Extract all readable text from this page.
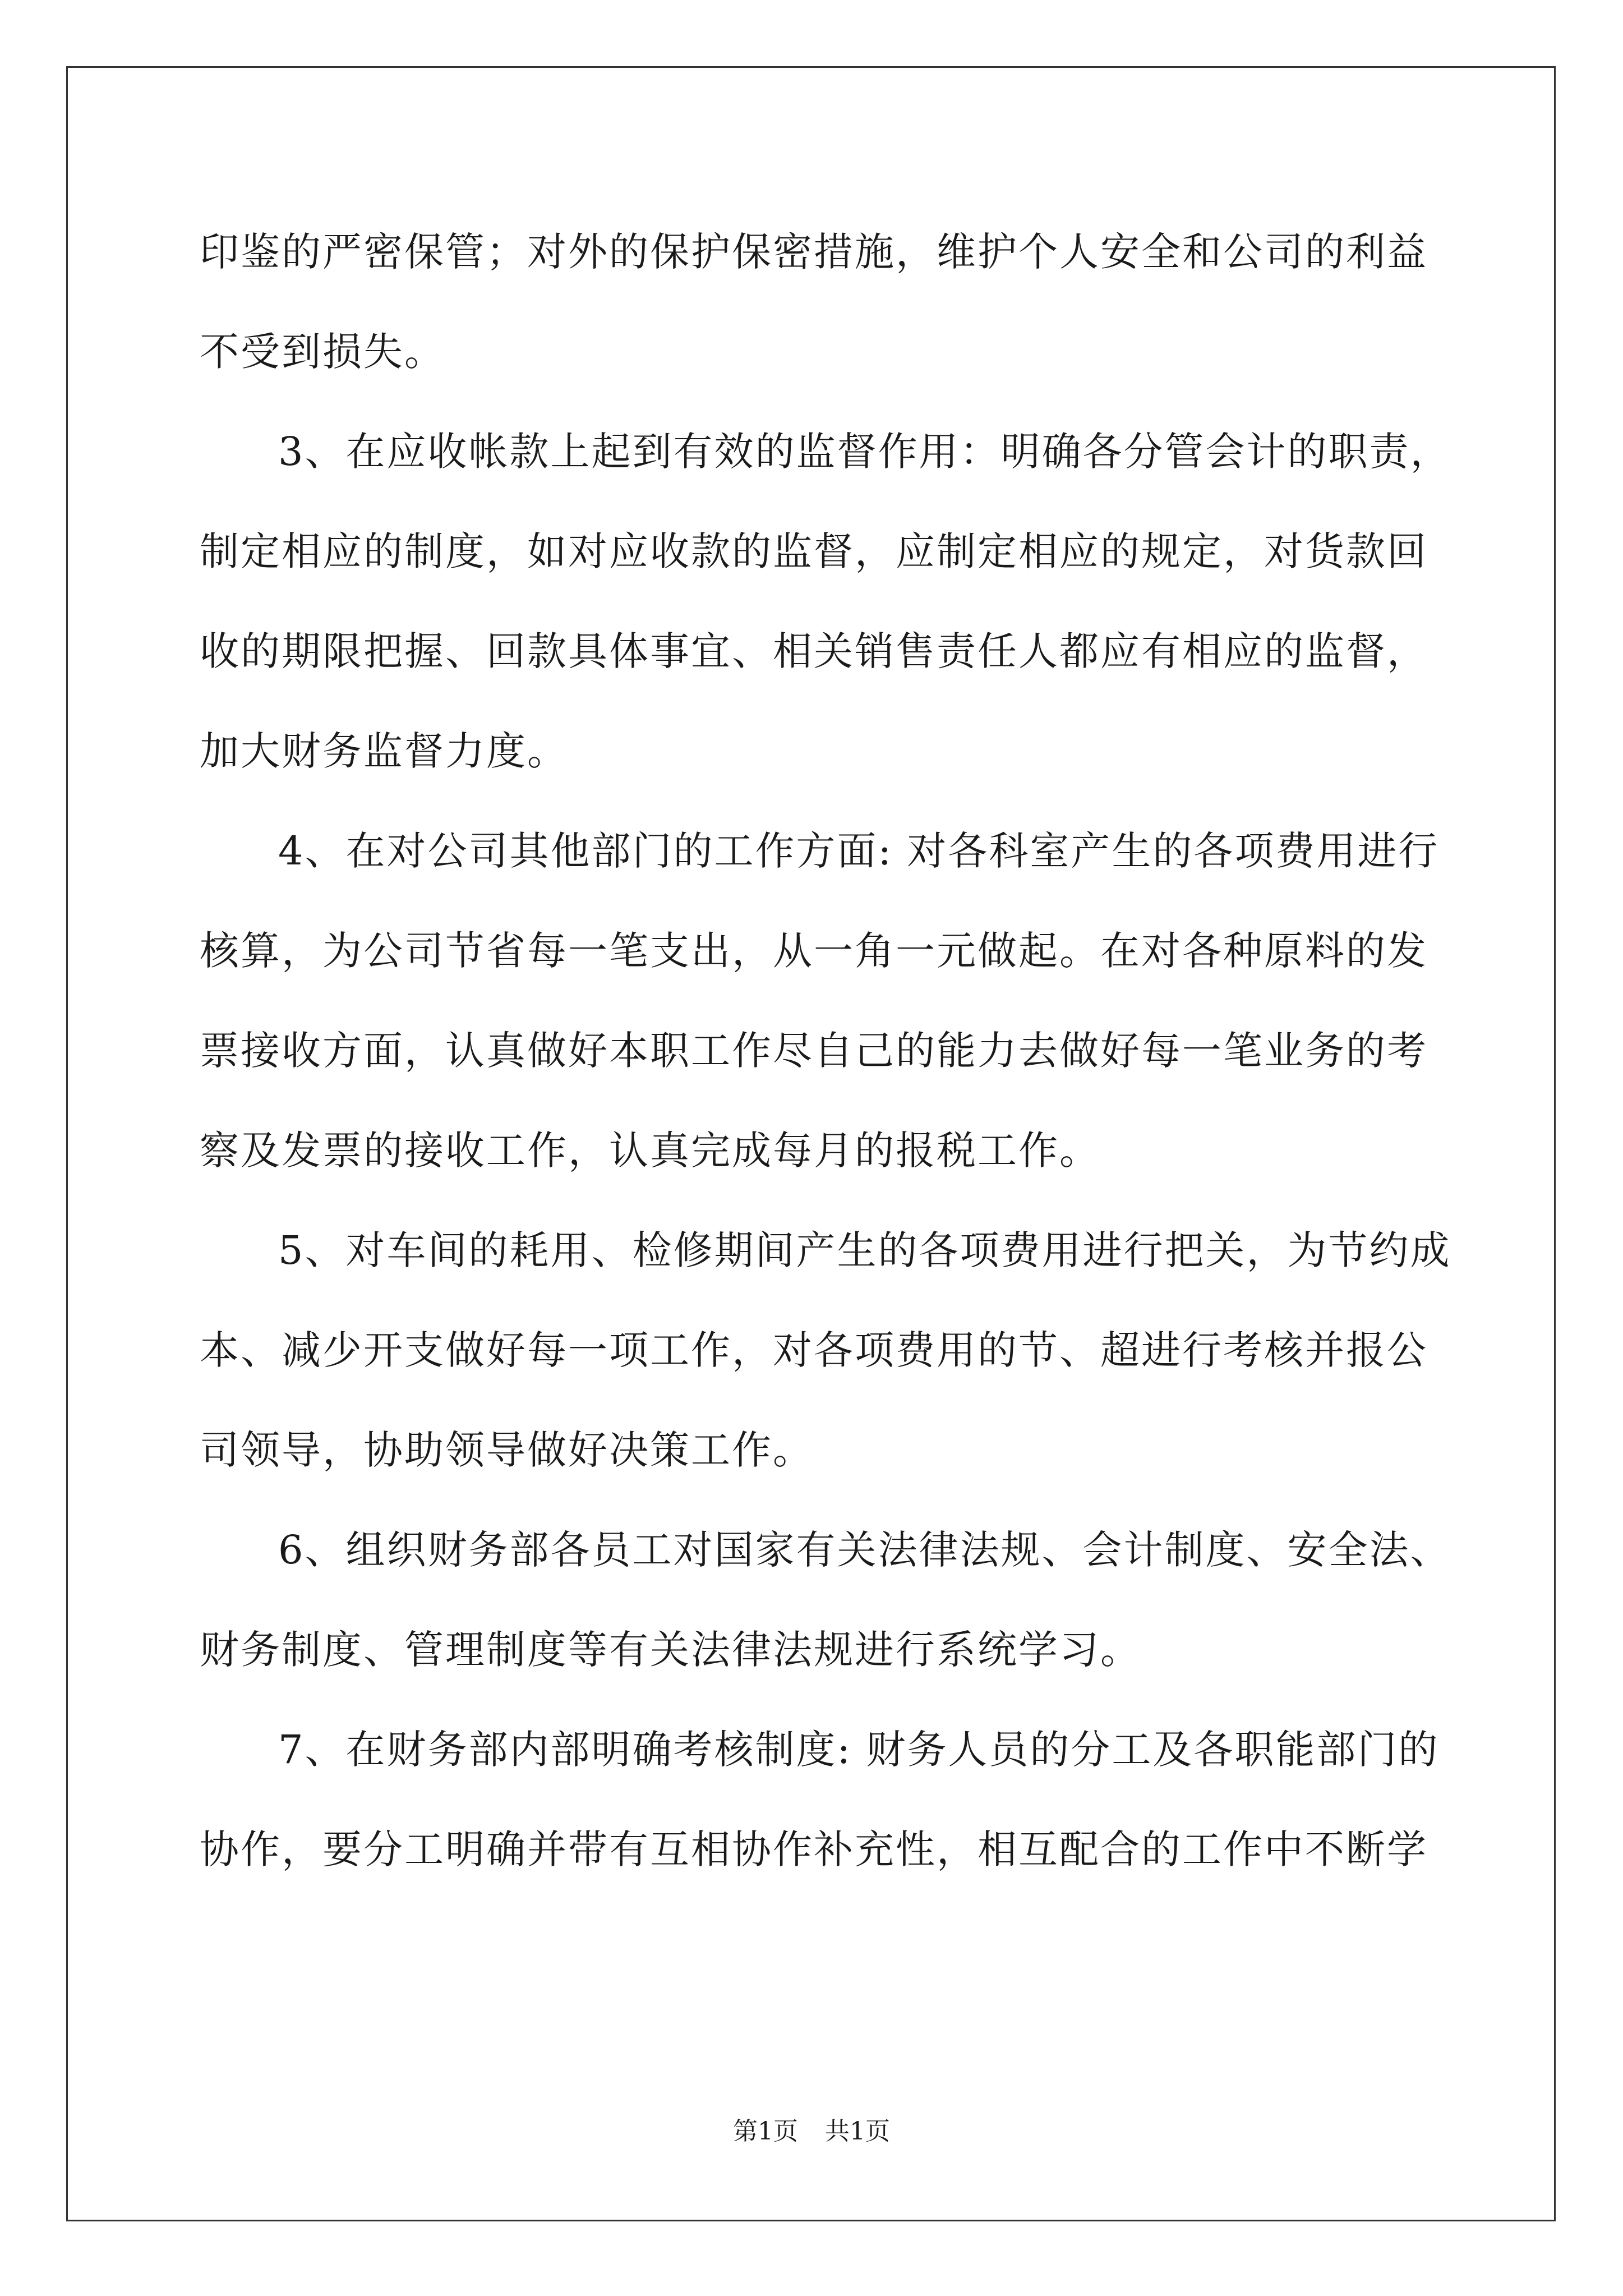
印鉴的严密保管；对外的保护保密措施，维护个人安全和公司的利益
不受到损失。
3、在应收帐款上起到有效的监督作用：明确各分管会计的职责，
制定相应的制度，如对应收款的监督，应制定相应的规定，对货款回
收的期限把握、回款具体事宜、相关销售责任人都应有相应的监督，
加大财务监督力度。
4、在对公司其他部门的工作方面: 对各科室产生的各项费用进行
核算，为公司节省每一笔支出，从一角一元做起。在对各种原料的发
票接收方面，认真做好本职工作尽自己的能力去做好每一笔业务的考
察及发票的接收工作，认真完成每月的报税工作。
5、对车间的耗用、检修期间产生的各项费用进行把关，为节约成
本、减少开支做好每一项工作，对各项费用的节、超进行考核并报公
司领导，协助领导做好决策工作。
6、组织财务部各员工对国家有关法律法规、会计制度、安全法、
财务制度、管理制度等有关法律法规进行系统学习。
7、在财务部内部明确考核制度: 财务人员的分工及各职能部门的
协作，要分工明确并带有互相协作补充性，相互配合的工作中不断学
第1页 共1页
